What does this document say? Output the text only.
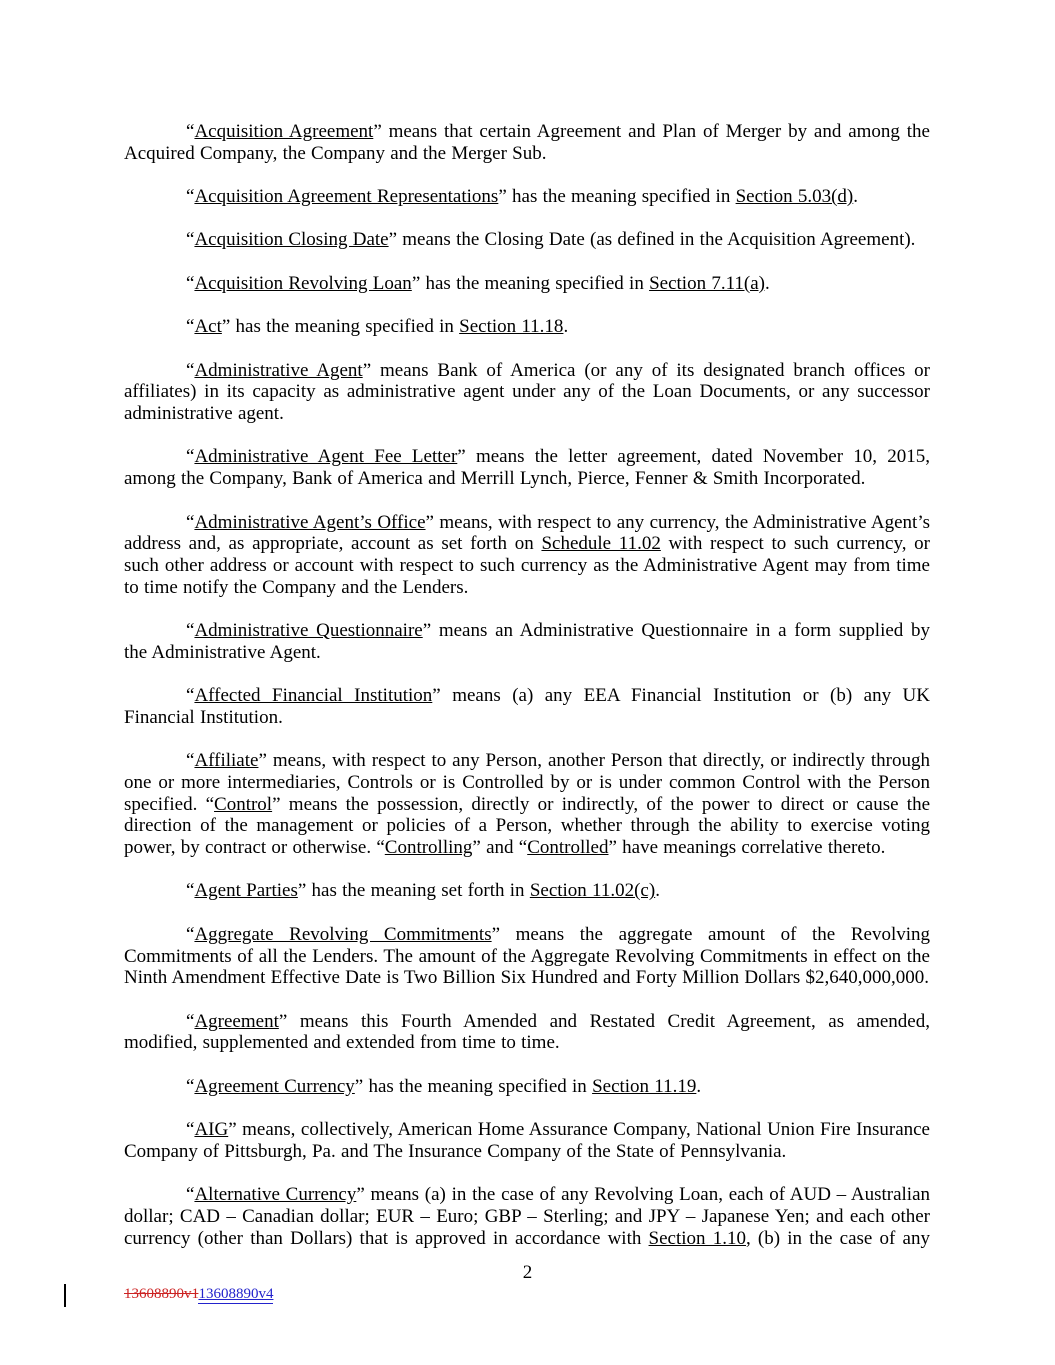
“Acquisition Agreement” means that certain Agreement and Plan of Merger by and among the Acquired Company, the Company and the Merger Sub.

“Acquisition Agreement Representations” has the meaning specified in Section 5.03(d).

“Acquisition Closing Date” means the Closing Date (as defined in the Acquisition Agreement).

“Acquisition Revolving Loan” has the meaning specified in Section 7.11(a).

“Act” has the meaning specified in Section 11.18.

“Administrative Agent” means Bank of America (or any of its designated branch offices or affiliates) in its capacity as administrative agent under any of the Loan Documents, or any successor administrative agent.

“Administrative Agent Fee Letter” means the letter agreement, dated November 10, 2015, among the Company, Bank of America and Merrill Lynch, Pierce, Fenner & Smith Incorporated.

“Administrative Agent’s Office” means, with respect to any currency, the Administrative Agent’s address and, as appropriate, account as set forth on Schedule 11.02 with respect to such currency, or such other address or account with respect to such currency as the Administrative Agent may from time to time notify the Company and the Lenders.

“Administrative Questionnaire” means an Administrative Questionnaire in a form supplied by the Administrative Agent.

“Affected Financial Institution” means (a) any EEA Financial Institution or (b) any UK Financial Institution.

“Affiliate” means, with respect to any Person, another Person that directly, or indirectly through one or more intermediaries, Controls or is Controlled by or is under common Control with the Person specified. “Control” means the possession, directly or indirectly, of the power to direct or cause the direction of the management or policies of a Person, whether through the ability to exercise voting power, by contract or otherwise. “Controlling” and “Controlled” have meanings correlative thereto.

“Agent Parties” has the meaning set forth in Section 11.02(c).

“Aggregate Revolving Commitments” means the aggregate amount of the Revolving Commitments of all the Lenders. The amount of the Aggregate Revolving Commitments in effect on the Ninth Amendment Effective Date is Two Billion Six Hundred and Forty Million Dollars $2,640,000,000.

“Agreement” means this Fourth Amended and Restated Credit Agreement, as amended, modified, supplemented and extended from time to time.

“Agreement Currency” has the meaning specified in Section 11.19.

“AIG” means, collectively, American Home Assurance Company, National Union Fire Insurance Company of Pittsburgh, Pa. and The Insurance Company of the State of Pennsylvania.

“Alternative Currency” means (a) in the case of any Revolving Loan, each of AUD – Australian dollar; CAD – Canadian dollar; EUR – Euro; GBP – Sterling; and JPY – Japanese Yen; and each other currency (other than Dollars) that is approved in accordance with Section 1.10, (b) in the case of any

2
13608890v113608890v4
